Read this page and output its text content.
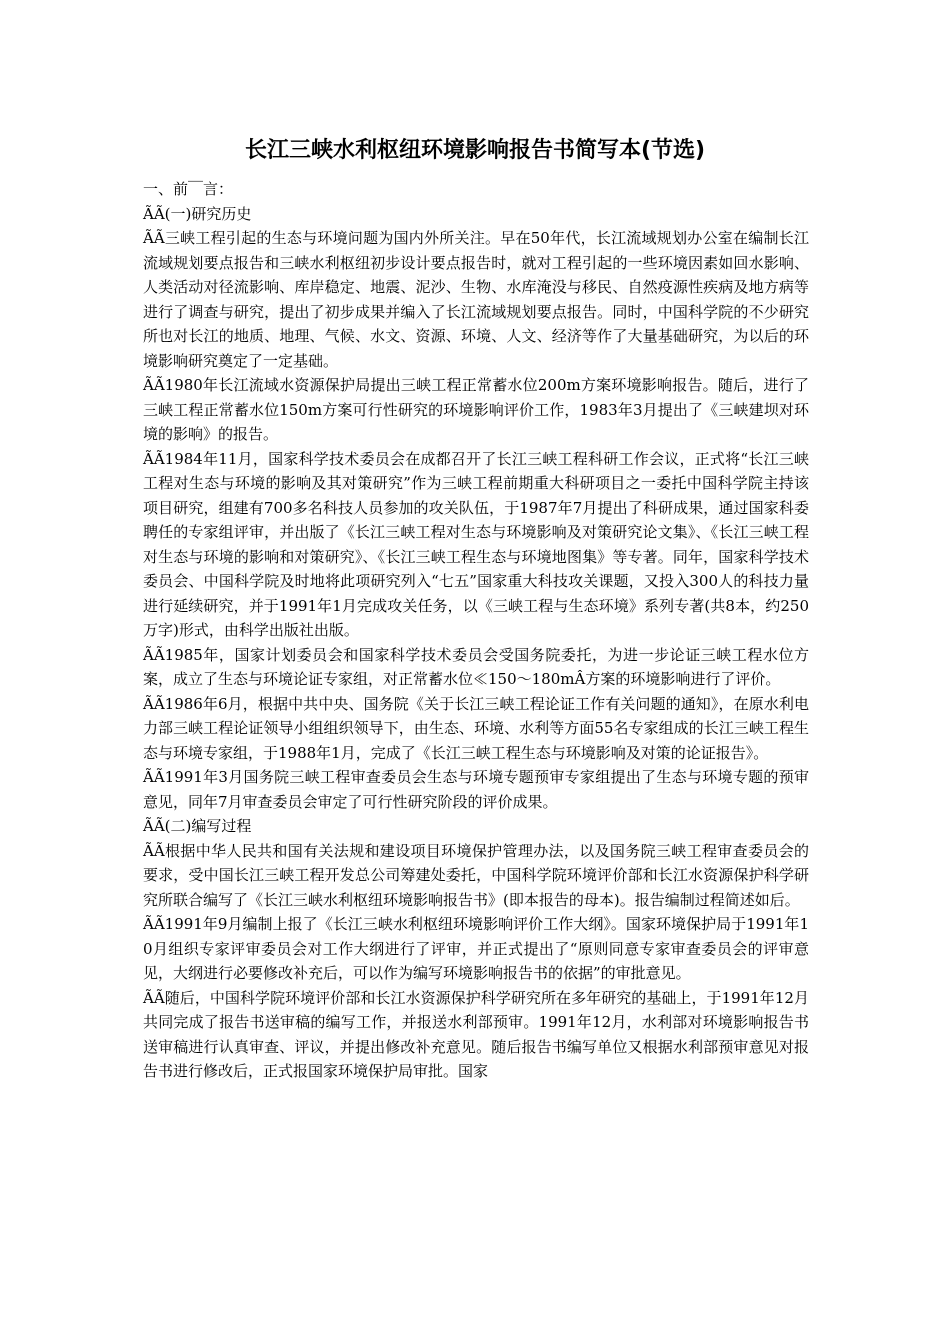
长江三峡水利枢纽环境影响报告书简写本(节选)

一、前￣言：

ÃÃ(一)研究历史

ÃÃ三峡工程引起的生态与环境问题为国内外所关注。早在50年代，长江流域规划办公室在编制长江流域规划要点报告和三峡水利枢纽初步设计要点报告时，就对工程引起的一些环境因素如回水影响、人类活动对径流影响、库岸稳定、地震、泥沙、生物、水库淹没与移民、自然疫源性疾病及地方病等进行了调查与研究，提出了初步成果并编入了长江流域规划要点报告。同时，中国科学院的不少研究所也对长江的地质、地理、气候、水文、资源、环境、人文、经济等作了大量基础研究，为以后的环境影响研究奠定了一定基础。

ÃÃ1980年长江流域水资源保护局提出三峡工程正常蓄水位200m方案环境影响报告。随后，进行了三峡工程正常蓄水位150m方案可行性研究的环境影响评价工作，1983年3月提出了《三峡建坝对环境的影响》的报告。

ÃÃ1984年11月，国家科学技术委员会在成都召开了长江三峡工程科研工作会议，正式将“长江三峡工程对生态与环境的影响及其对策研究”作为三峡工程前期重大科研项目之一委托中国科学院主持该项目研究，组建有700多名科技人员参加的攻关队伍，于1987年7月提出了科研成果，通过国家科委聘任的专家组评审，并出版了《长江三峡工程对生态与环境影响及对策研究论文集》、《长江三峡工程对生态与环境的影响和对策研究》、《长江三峡工程生态与环境地图集》等专著。同年，国家科学技术委员会、中国科学院及时地将此项研究列入“七五”国家重大科技攻关课题，又投入300人的科技力量进行延续研究，并于1991年1月完成攻关任务，以《三峡工程与生态环境》系列专著(共8本，约250万字)形式，由科学出版社出版。

ÃÃ1985年，国家计划委员会和国家科学技术委员会受国务院委托，为进一步论证三峡工程水位方案，成立了生态与环境论证专家组，对正常蓄水位≪150～180mÂ方案的环境影响进行了评价。

ÃÃ1986年6月，根据中共中央、国务院《关于长江三峡工程论证工作有关问题的通知》，在原水利电力部三峡工程论证领导小组组织领导下，由生态、环境、水利等方面55名专家组成的长江三峡工程生态与环境专家组，于1988年1月，完成了《长江三峡工程生态与环境影响及对策的论证报告》。

ÃÃ1991年3月国务院三峡工程审查委员会生态与环境专题预审专家组提出了生态与环境专题的预审意见，同年7月审查委员会审定了可行性研究阶段的评价成果。

ÃÃ(二)编写过程

ÃÃ根据中华人民共和国有关法规和建设项目环境保护管理办法，以及国务院三峡工程审查委员会的要求，受中国长江三峡工程开发总公司筹建处委托，中国科学院环境评价部和长江水资源保护科学研究所联合编写了《长江三峡水利枢纽环境影响报告书》(即本报告的母本)。报告编制过程简述如后。

ÃÃ1991年9月编制上报了《长江三峡水利枢纽环境影响评价工作大纲》。国家环境保护局于1991年10月组织专家评审委员会对工作大纲进行了评审，并正式提出了“原则同意专家审查委员会的评审意见，大纲进行必要修改补充后，可以作为编写环境影响报告书的依据”的审批意见。

ÃÃ随后，中国科学院环境评价部和长江水资源保护科学研究所在多年研究的基础上，于1991年12月共同完成了报告书送审稿的编写工作，并报送水利部预审。1991年12月，水利部对环境影响报告书送审稿进行认真审查、评议，并提出修改补充意见。随后报告书编写单位又根据水利部预审意见对报告书进行修改后，正式报国家环境保护局审批。国家
